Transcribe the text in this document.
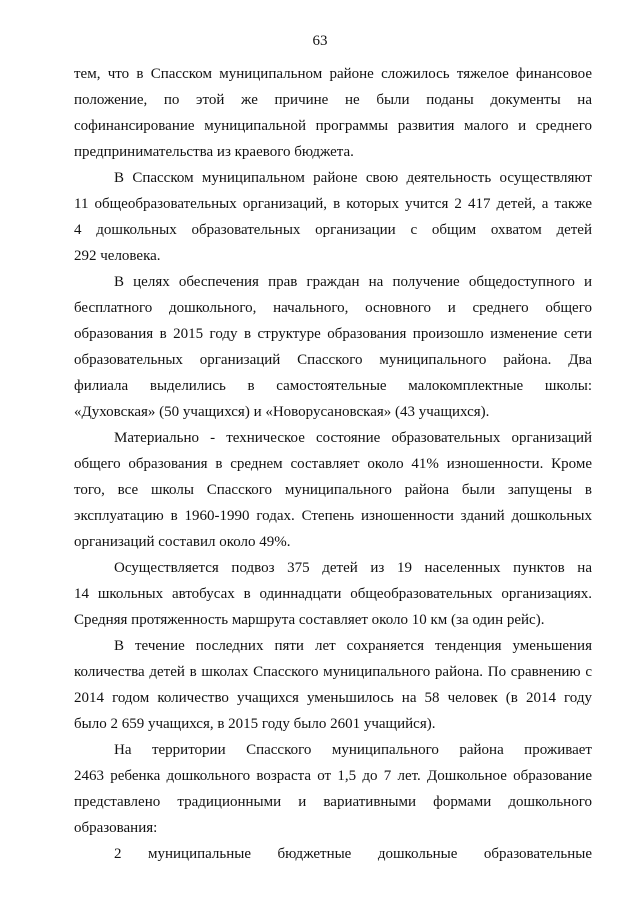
63
тем, что в Спасском муниципальном районе сложилось тяжелое финансовое
положение, по этой же причине не были поданы документы на
софинансирование муниципальной программы развития малого и среднего
предпринимательства из краевого бюджета.
В Спасском муниципальном районе свою деятельность осуществляют
11 общеобразовательных организаций, в которых учится 2 417 детей, а также
4 дошкольных образовательных организации с общим охватом детей
292 человека.
В целях обеспечения прав граждан на получение общедоступного и
бесплатного дошкольного, начального, основного и среднего общего
образования в 2015 году в структуре образования произошло изменение сети
образовательных организаций Спасского муниципального района. Два
филиала выделились в самостоятельные малокомплектные школы:
«Духовская» (50 учащихся) и «Новорусановская» (43 учащихся).
Материально - техническое состояние образовательных организаций
общего образования в среднем составляет около 41% изношенности. Кроме
того, все школы Спасского муниципального района были запущены в
эксплуатацию в 1960-1990 годах. Степень изношенности зданий дошкольных
организаций составил около 49%.
Осуществляется подвоз 375 детей из 19 населенных пунктов на
14 школьных автобусах в одиннадцати общеобразовательных организациях.
Средняя протяженность маршрута составляет около 10 км (за один рейс).
В течение последних пяти лет сохраняется тенденция уменьшения
количества детей в школах Спасского муниципального района. По сравнению с
2014 годом количество учащихся уменьшилось на 58 человек (в 2014 году
было 2 659 учащихся, в 2015 году было 2601 учащийся).
На территории Спасского муниципального района проживает
2463 ребенка дошкольного возраста от 1,5 до 7 лет. Дошкольное образование
представлено традиционными и вариативными формами дошкольного
образования:
2 муниципальные бюджетные дошкольные образовательные
